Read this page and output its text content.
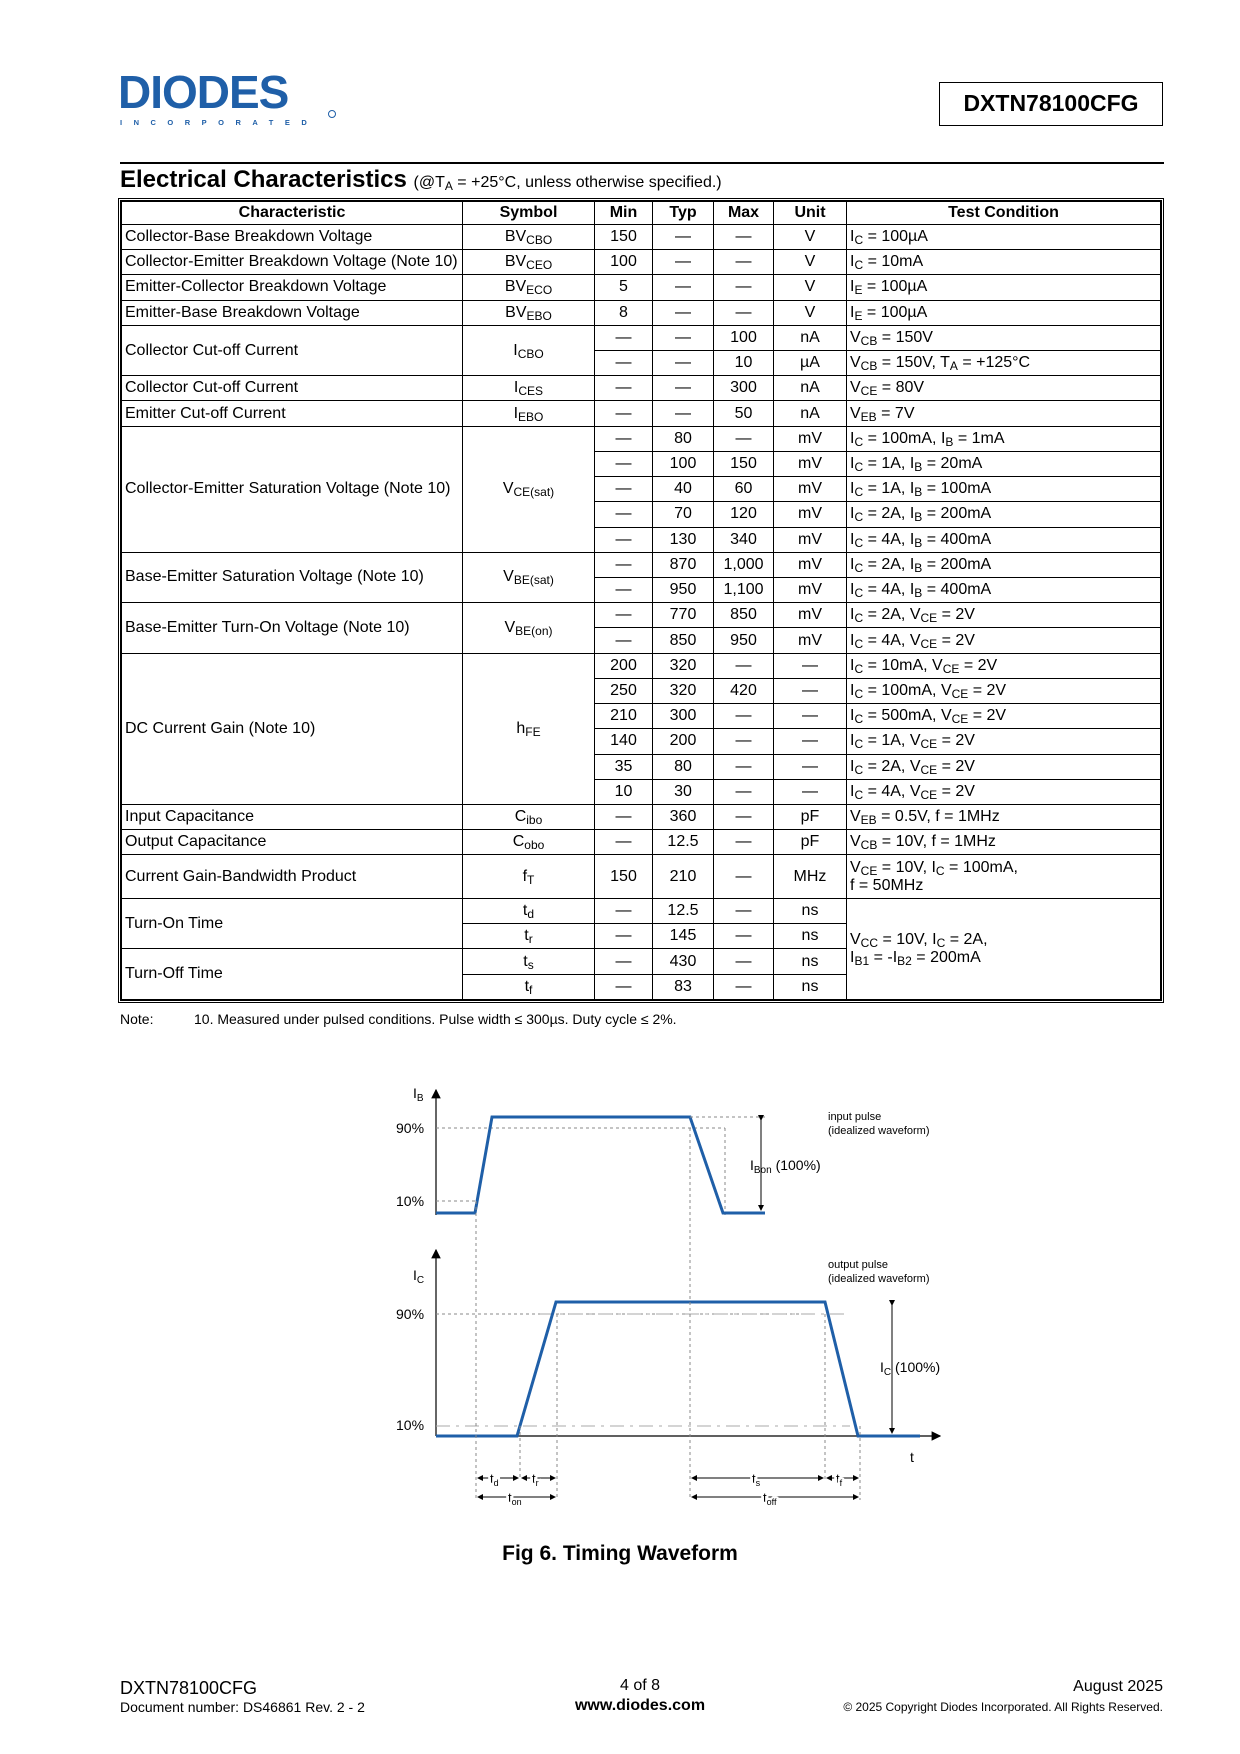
DIODES
INCORPORATED
DXTN78100CFG
Electrical Characteristics (@TA = +25°C, unless otherwise specified.)
Characteristic	Symbol	Min	Typ	Max	Unit	Test Condition
Collector-Base Breakdown Voltage	BVCBO	150	—	—	V	IC = 100µA
Collector-Emitter Breakdown Voltage (Note 10)	BVCEO	100	—	—	V	IC = 10mA
Emitter-Collector Breakdown Voltage	BVECO	5	—	—	V	IE = 100µA
Emitter-Base Breakdown Voltage	BVEBO	8	—	—	V	IE = 100µA
Collector Cut-off Current	ICBO	—	—	100	nA	VCB = 150V
		—	—	10	µA	VCB = 150V, TA = +125°C
Collector Cut-off Current	ICES	—	—	300	nA	VCE = 80V
Emitter Cut-off Current	IEBO	—	—	50	nA	VEB = 7V
Collector-Emitter Saturation Voltage (Note 10)	VCE(sat)	—	80	—	mV	IC = 100mA, IB = 1mA
		—	100	150	mV	IC = 1A, IB = 20mA
		—	40	60	mV	IC = 1A, IB = 100mA
		—	70	120	mV	IC = 2A, IB = 200mA
		—	130	340	mV	IC = 4A, IB = 400mA
Base-Emitter Saturation Voltage (Note 10)	VBE(sat)	—	870	1,000	mV	IC = 2A, IB = 200mA
		—	950	1,100	mV	IC = 4A, IB = 400mA
Base-Emitter Turn-On Voltage (Note 10)	VBE(on)	—	770	850	mV	IC = 2A, VCE = 2V
		—	850	950	mV	IC = 4A, VCE = 2V
DC Current Gain (Note 10)	hFE	200	320	—	—	IC = 10mA, VCE = 2V
		250	320	420	—	IC = 100mA, VCE = 2V
		210	300	—	—	IC = 500mA, VCE = 2V
		140	200	—	—	IC = 1A, VCE = 2V
		35	80	—	—	IC = 2A, VCE = 2V
		10	30	—	—	IC = 4A, VCE = 2V
Input Capacitance	Cibo	—	360	—	pF	VEB = 0.5V, f = 1MHz
Output Capacitance	Cobo	—	12.5	—	pF	VCB = 10V, f = 1MHz
Current Gain-Bandwidth Product	fT	150	210	—	MHz	VCE = 10V, IC = 100mA,
f = 50MHz
Turn-On Time	td	—	12.5	—	ns	VCC = 10V, IC = 2A,
IB1 = -IB2 = 200mA
	tr	—	145	—	ns	
Turn-Off Time	ts	—	430	—	ns	
	tf	—	83	—	ns	
Note:	10. Measured under pulsed conditions. Pulse width ≤ 300µs. Duty cycle ≤ 2%.
$I_B$
90%
10%
$I_{Bon}$ (100%)
input pulse
(idealized waveform)
$I_C$
90%
10%
$I_C$ (100%)
output pulse
(idealized waveform)
t
$t_d$	$t_r$
$t_{on}$
$t_s$	$t_f$
$t_{off}$
Fig 6. Timing Waveform
DXTN78100CFG
Document number: DS46861 Rev. 2 - 2
4 of 8
www.diodes.com
August 2025
© 2025 Copyright Diodes Incorporated. All Rights Reserved.
